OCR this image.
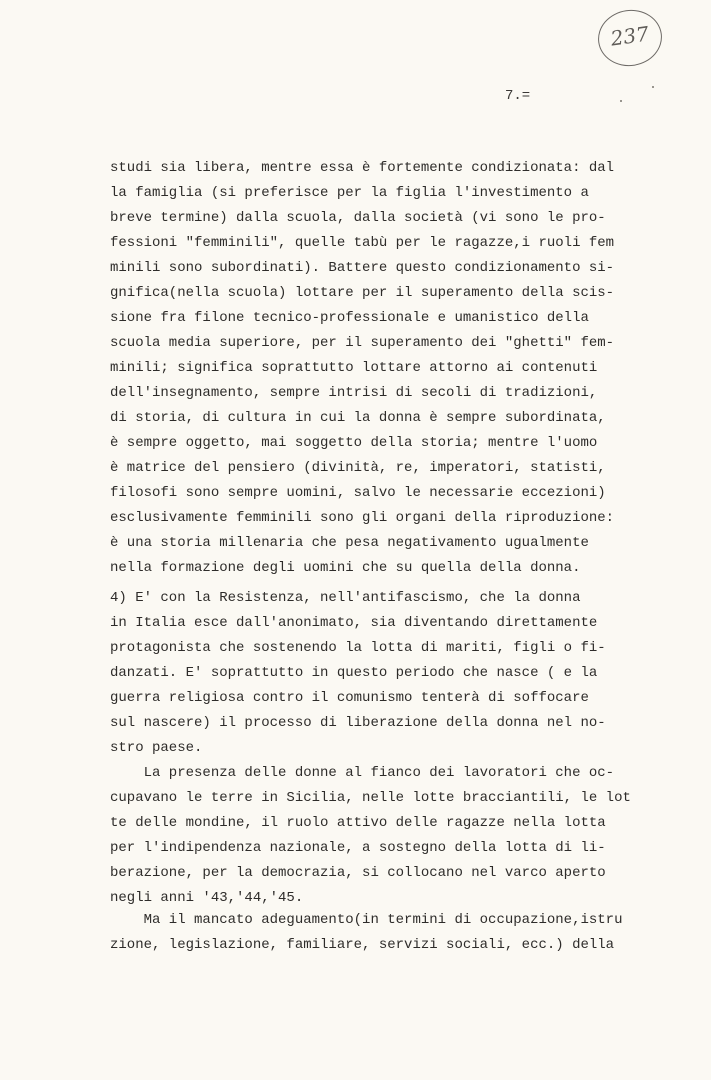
237
7.=
studi sia libera, mentre essa è fortemente condizionata: dal
la famiglia (si preferisce per la figlia l'investimento a
breve termine) dalla scuola, dalla società (vi sono le pro-
fessioni "femminili", quelle tabù per le ragazze,i ruoli fem
minili sono subordinati). Battere questo condizionamento si-
gnifica(nella scuola) lottare per il superamento della scis-
sione fra filone tecnico-professionale e umanistico della
scuola media superiore, per il superamento dei "ghetti" fem-
minili; significa soprattutto lottare attorno ai contenuti
dell'insegnamento, sempre intrisi di secoli di tradizioni,
di storia, di cultura in cui la donna è sempre subordinata,
è sempre oggetto, mai soggetto della storia; mentre l'uomo
è matrice del pensiero (divinità, re, imperatori, statisti,
filosofi sono sempre uomini, salvo le necessarie eccezioni)
esclusivamente femminili sono gli organi della riproduzione:
è una storia millenaria che pesa negativamento ugualmente
nella formazione degli uomini che su quella della donna.
4) E' con la Resistenza, nell'antifascismo, che la donna
in Italia esce dall'anonimato, sia diventando direttamente
protagonista che sostenendo la lotta di mariti, figli o fi-
danzati. E' soprattutto in questo periodo che nasce ( e la
guerra religiosa contro il comunismo tenterà di soffocare
sul nascere) il processo di liberazione della donna nel no-
stro paese.
La presenza delle donne al fianco dei lavoratori che oc-
cupavano le terre in Sicilia, nelle lotte bracciantili, le lot
te delle mondine, il ruolo attivo delle ragazze nella lotta
per l'indipendenza nazionale, a sostegno della lotta di li-
berazione, per la democrazia, si collocano nel varco aperto
negli anni '43,'44,'45.
Ma il mancato adeguamento(in termini di occupazione,istru
zione, legislazione, familiare, servizi sociali, ecc.) della
